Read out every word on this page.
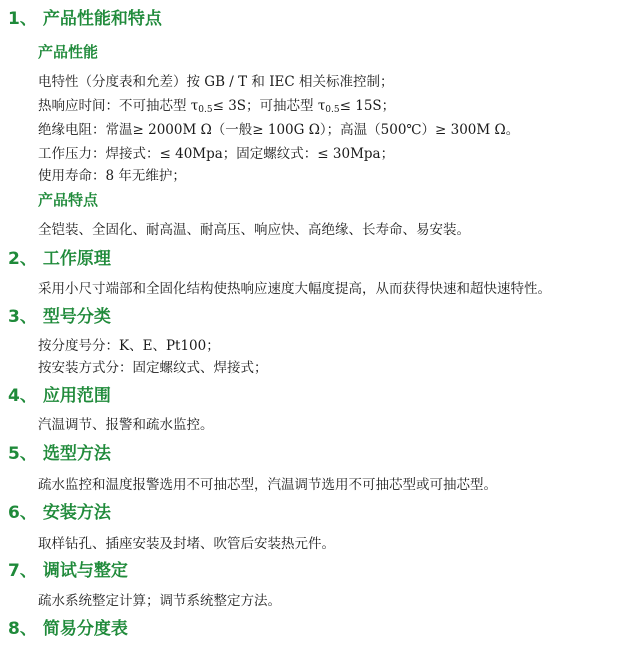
1、 产品性能和特点
产品性能
电特性（分度表和允差）按 GB / T 和 IEC 相关标准控制；
热响应时间：不可抽芯型 $\tau_{0.5}\le 3S$；可抽芯型 $\tau_{0.5}\le 15S$；
绝缘电阻：常温≥ 2000M Ω（一般≥ 100G Ω）；高温（500℃）≥ 300M Ω。
工作压力：焊接式：≤ 40Mpa；固定螺纹式：≤ 30Mpa；
使用寿命：8 年无维护；
产品特点
全铠装、全固化、耐高温、耐高压、响应快、高绝缘、长寿命、易安装。
2、 工作原理
采用小尺寸端部和全固化结构使热响应速度大幅度提高，从而获得快速和超快速特性。
3、 型号分类
按分度号分：K、E、Pt100；
按安装方式分：固定螺纹式、焊接式；
4、 应用范围
汽温调节、报警和疏水监控。
5、 选型方法
疏水监控和温度报警选用不可抽芯型，汽温调节选用不可抽芯型或可抽芯型。
6、 安装方法
取样钻孔、插座安装及封堵、吹管后安装热元件。
7、 调试与整定
疏水系统整定计算；调节系统整定方法。
8、 简易分度表
